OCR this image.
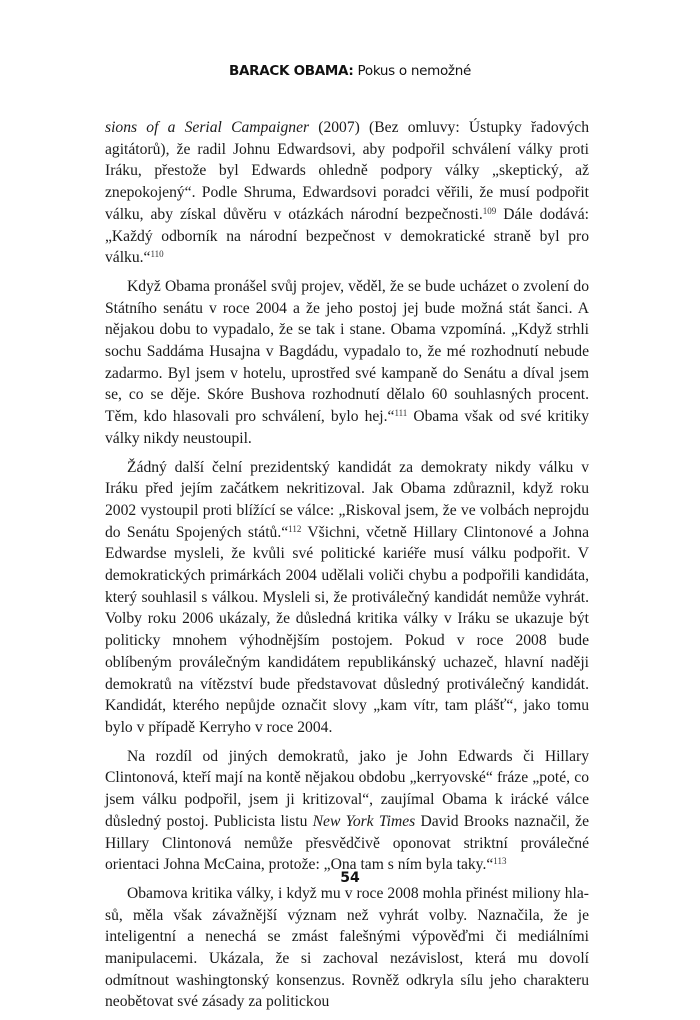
BARACK OBAMA: Pokus o nemožné

sions of a Serial Campaigner (2007) (Bez omluvy: Ústupky řadových agitátorů), že radil Johnu Edwardsovi, aby podpořil schválení války proti Iráku, přestože byl Edwards ohledně podpory války „skeptický, až znepokojený“. Podle Shruma, Edwardsovi poradci věřili, že musí podpořit válku, aby získal důvěru v otázkách národní bezpečnosti.$^{109}$ Dále dodává: „Každý odborník na národní bezpečnost v demokratické straně byl pro válku.“$^{110}$

Když Obama pronášel svůj projev, věděl, že se bude ucházet o zvolení do Státního senátu v roce 2004 a že jeho postoj jej bude možná stát šanci. A nějakou dobu to vypadalo, že se tak i stane. Obama vzpomíná. „Když strhli sochu Saddáma Husajna v Bagdádu, vypadalo to, že mé rozhodnutí nebude zadarmo. Byl jsem v hotelu, uprostřed své kampaně do Senátu a díval jsem se, co se děje. Skóre Bushova rozhodnutí dělalo 60 souhlasných procent. Těm, kdo hlasovali pro schválení, bylo hej.“$^{111}$ Obama však od své kritiky války nikdy neustoupil.

Žádný další čelní prezidentský kandidát za demokraty nikdy válku v Iráku před jejím začátkem nekritizoval. Jak Obama zdůraznil, když roku 2002 vystoupil proti blížící se válce: „Riskoval jsem, že ve volbách neprojdu do Senátu Spojených států.“$^{112}$ Všichni, včetně Hillary Clintonové a Johna Edwardse mysleli, že kvůli své politické kariéře musí válku podpořit. V demokratických primárkách 2004 udělali voliči chybu a podpořili kandidáta, který souhlasil s válkou. Mysleli si, že protiválečný kandidát nemůže vyhrát. Volby roku 2006 ukázaly, že důsledná kritika války v Iráku se ukazuje být politicky mnohem výhodnějším postojem. Pokud v roce 2008 bude oblíbeným proválečným kandidátem republikánský uchazeč, hlavní naději demokratů na vítězství bude představovat důsledný protiválečný kandidát. Kandidát, kterého nepůjde označit slovy „kam vítr, tam plášť“, jako tomu bylo v případě Kerryho v roce 2004.

Na rozdíl od jiných demokratů, jako je John Edwards či Hillary Clintonová, kteří mají na kontě nějakou obdobu „kerryovské“ fráze „poté, co jsem válku podpořil, jsem ji kritizoval“, zaujímal Obama k irácké válce důsledný postoj. Publicista listu New York Times David Brooks naznačil, že Hillary Clintonová nemůže přesvědčivě oponovat striktní proválečné orientaci Johna McCaina, protože: „Ona tam s ním byla taky.“$^{113}$

Obamova kritika války, i když mu v roce 2008 mohla přinést miliony hlasů, měla však závažnější význam než vyhrát volby. Naznačila, že je inteligentní a nenechá se zmást falešnými výpověďmi či mediálními manipulacemi. Ukázala, že si zachoval nezávislost, která mu dovolí odmítnout washingtonský konsenzus. Rovněž odkryla sílu jeho charakteru neobětovat své zásady za politickou

54
